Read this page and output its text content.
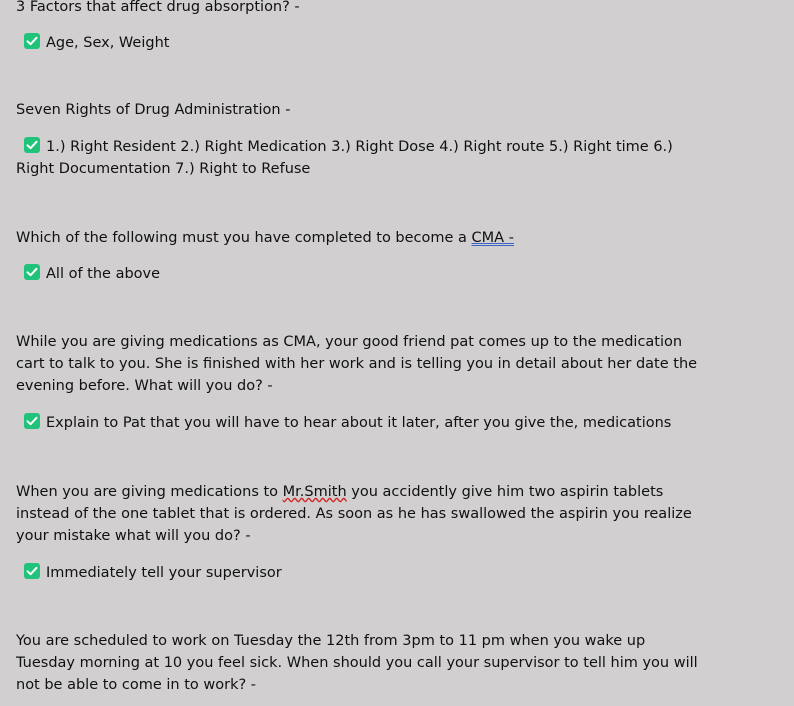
3 Factors that affect drug absorption? -
Age, Sex, Weight
Seven Rights of Drug Administration -
1.) Right Resident 2.) Right Medication 3.) Right Dose 4.) Right route 5.) Right time 6.) Right Documentation 7.) Right to Refuse
Which of the following must you have completed to become a CMA -
All of the above
While you are giving medications as CMA, your good friend pat comes up to the medication cart to talk to you. She is finished with her work and is telling you in detail about her date the evening before. What will you do? -
Explain to Pat that you will have to hear about it later, after you give the, medications
When you are giving medications to Mr.Smith you accidently give him two aspirin tablets instead of the one tablet that is ordered. As soon as he has swallowed the aspirin you realize your mistake what will you do? -
Immediately tell your supervisor
You are scheduled to work on Tuesday the 12th from 3pm to 11 pm when you wake up Tuesday morning at 10 you feel sick. When should you call your supervisor to tell him you will not be able to come in to work? -
